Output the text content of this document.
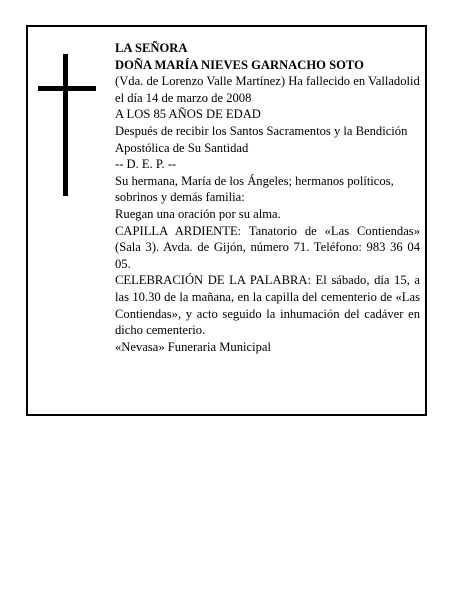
LA SEÑORA

DOÑA MARÍA NIEVES GARNACHO SOTO

(Vda. de Lorenzo Valle Martínez) Ha fallecido en Valladolid el día 14 de marzo de 2008

A LOS 85 AÑOS DE EDAD

Después de recibir los Santos Sacramentos y la Bendición Apostólica de Su Santidad

-- D. E. P. --

Su hermana, María de los Ángeles; hermanos políticos, sobrinos y demás familia:

Ruegan una oración por su alma.

CAPILLA ARDIENTE: Tanatorio de «Las Contiendas» (Sala 3). Avda. de Gijón, número 71. Teléfono: 983 36 04 05.

CELEBRACIÓN DE LA PALABRA: El sábado, día 15, a las 10.30 de la mañana, en la capilla del cementerio de «Las Contiendas», y acto seguido la inhumación del cadáver en dicho cementerio.

«Nevasa» Funeraria Municipal
